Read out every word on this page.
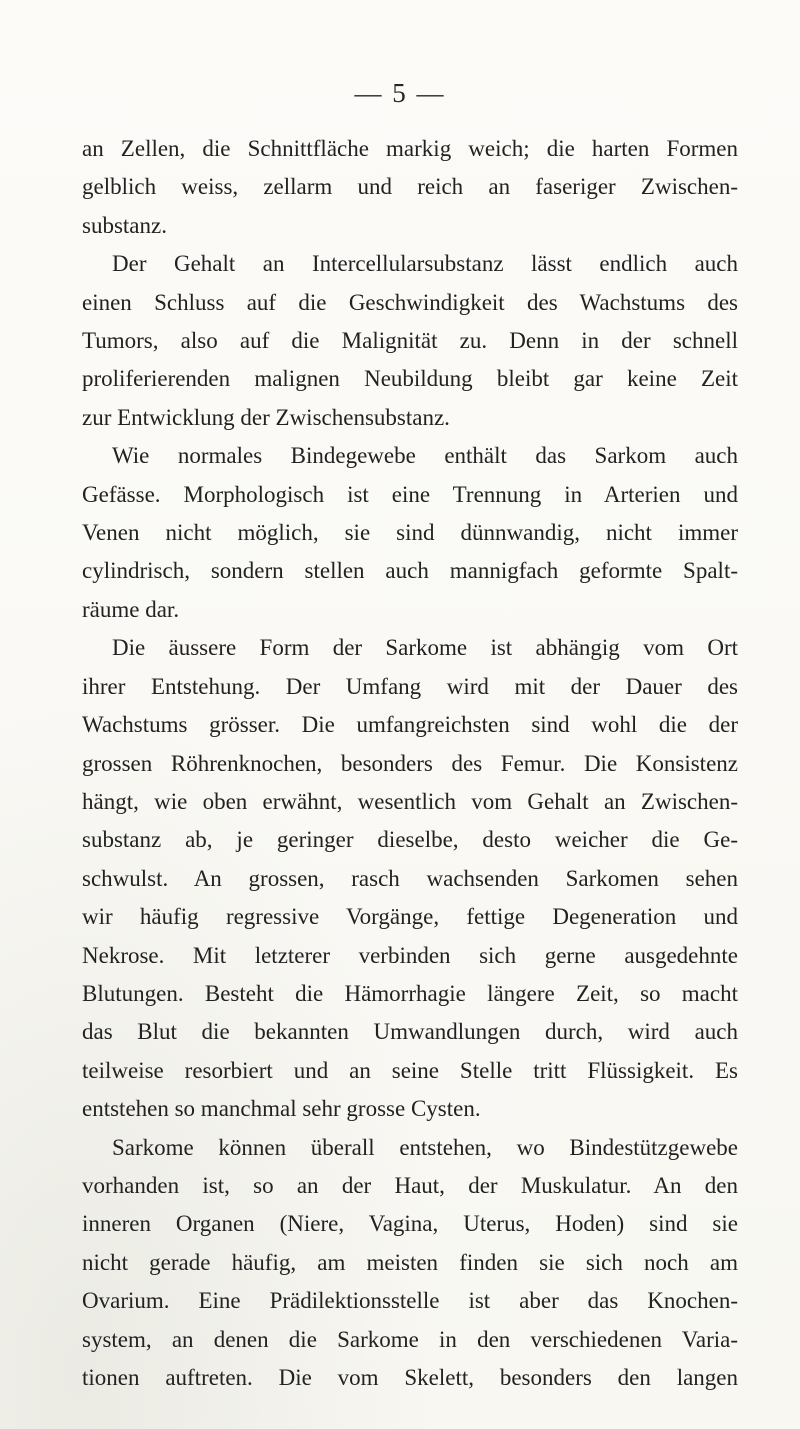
— 5 —
an Zellen, die Schnittfläche markig weich; die harten Formen
gelblich weiss, zellarm und reich an faseriger Zwischen-
substanz.
Der Gehalt an Intercellularsubstanz lässt endlich auch
einen Schluss auf die Geschwindigkeit des Wachstums des
Tumors, also auf die Malignität zu. Denn in der schnell
proliferierenden malignen Neubildung bleibt gar keine Zeit
zur Entwicklung der Zwischensubstanz.
Wie normales Bindegewebe enthält das Sarkom auch
Gefässe. Morphologisch ist eine Trennung in Arterien und
Venen nicht möglich, sie sind dünnwandig, nicht immer
cylindrisch, sondern stellen auch mannigfach geformte Spalt-
räume dar.
Die äussere Form der Sarkome ist abhängig vom Ort
ihrer Entstehung. Der Umfang wird mit der Dauer des
Wachstums grösser. Die umfangreichsten sind wohl die der
grossen Röhrenknochen, besonders des Femur. Die Konsistenz
hängt, wie oben erwähnt, wesentlich vom Gehalt an Zwischen-
substanz ab, je geringer dieselbe, desto weicher die Ge-
schwulst. An grossen, rasch wachsenden Sarkomen sehen
wir häufig regressive Vorgänge, fettige Degeneration und
Nekrose. Mit letzterer verbinden sich gerne ausgedehnte
Blutungen. Besteht die Hämorrhagie längere Zeit, so macht
das Blut die bekannten Umwandlungen durch, wird auch
teilweise resorbiert und an seine Stelle tritt Flüssigkeit. Es
entstehen so manchmal sehr grosse Cysten.
Sarkome können überall entstehen, wo Bindestützgewebe
vorhanden ist, so an der Haut, der Muskulatur. An den
inneren Organen (Niere, Vagina, Uterus, Hoden) sind sie
nicht gerade häufig, am meisten finden sie sich noch am
Ovarium. Eine Prädilektionsstelle ist aber das Knochen-
system, an denen die Sarkome in den verschiedenen Varia-
tionen auftreten. Die vom Skelett, besonders den langen
